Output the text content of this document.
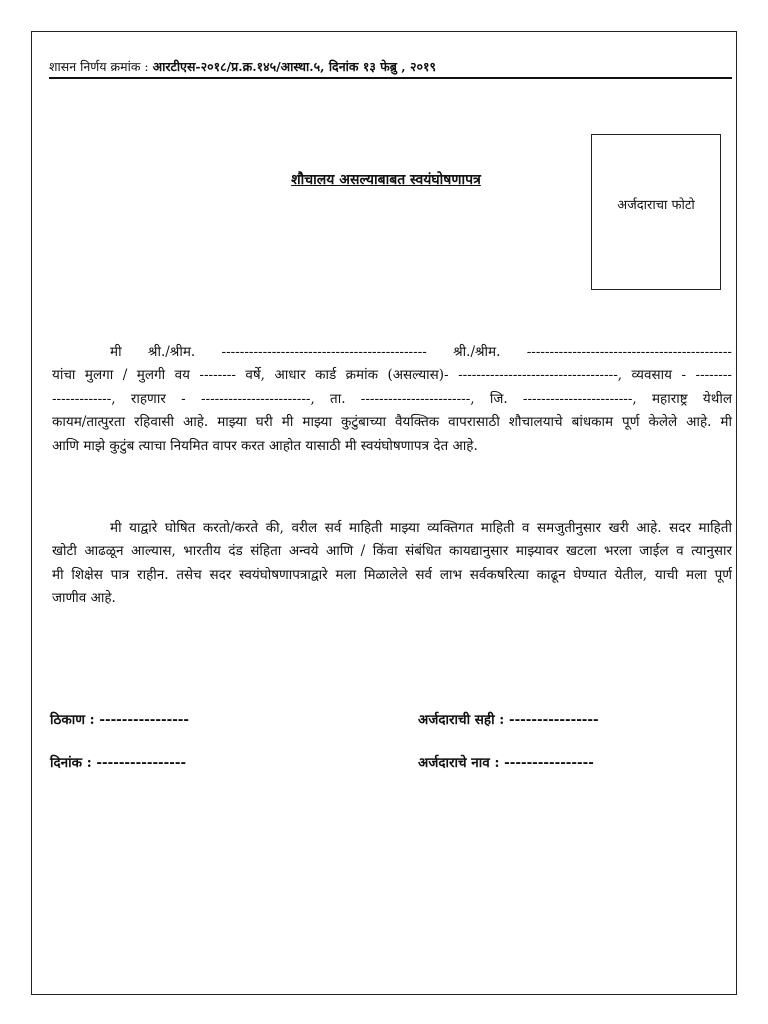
शासन निर्णय क्रमांक : आरटीएस-२०१८/प्र.क्र.१४५/आस्था.५, दिनांक १३ फेब्रु , २०१९
शौचालय असल्याबाबत स्वयंघोषणापत्र
अर्जदाराचा फोटो
मी श्री./श्रीम. --------------------------------------------- श्री./श्रीम. ---------------------------------------------
यांचा मुलगा / मुलगी वय -------- वर्षे, आधार कार्ड क्रमांक (असल्यास)- -----------------------------------, व्यवसाय - --------
-------------, राहणार - ------------------------, ता. ------------------------, जि. ------------------------, महाराष्ट्र येथील
कायम/तात्पुरता रहिवासी आहे. माझ्या घरी मी माझ्या कुटुंबाच्या वैयक्तिक वापरासाठी शौचालयाचे बांधकाम पूर्ण केलेले आहे. मी
आणि माझे कुटुंब त्याचा नियमित वापर करत आहोत यासाठी मी स्वयंघोषणापत्र देत आहे.
मी याद्वारे घोषित करतो/करते की, वरील सर्व माहिती माझ्या व्यक्तिगत माहिती व समजुतीनुसार खरी आहे. सदर माहिती
खोटी आढळून आल्यास, भारतीय दंड संहिता अन्वये आणि / किंवा संबंधित कायद्यानुसार माझ्यावर खटला भरला जाईल व त्यानुसार
मी शिक्षेस पात्र राहीन. तसेच सदर स्वयंघोषणापत्राद्वारे मला मिळालेले सर्व लाभ सर्वकषरित्या काढून घेण्यात येतील, याची मला पूर्ण
जाणीव आहे.
ठिकाण : ----------------	अर्जदाराची सही : ----------------
दिनांक : ----------------	अर्जदाराचे नाव : ----------------
